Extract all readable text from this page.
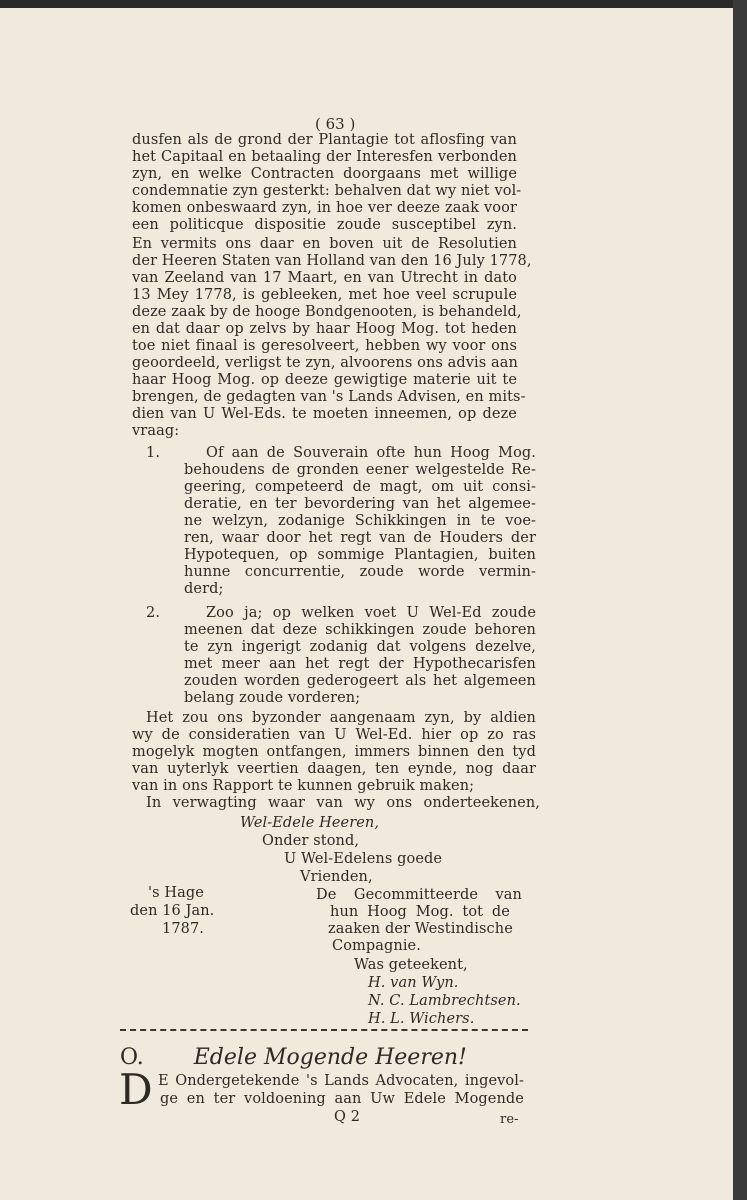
( 63 )
dusfen als de grond der Plantagie tot aflosfing van
het Capitaal en betaaling der Interesfen verbonden
zyn, en welke Contracten doorgaans met willige
condemnatie zyn gesterkt: behalven dat wy niet vol-
komen onbeswaard zyn, in hoe ver deeze zaak voor
een politicque dispositie zoude susceptibel zyn.
En vermits ons daar en boven uit de Resolutien
der Heeren Staten van Holland van den 16 July 1778,
van Zeeland van 17 Maart, en van Utrecht in dato
13 Mey 1778, is gebleeken, met hoe veel scrupule
deze zaak by de hooge Bondgenooten, is behandeld,
en dat daar op zelvs by haar Hoog Mog. tot heden
toe niet finaal is geresolveert, hebben wy voor ons
geoordeeld, verligst te zyn, alvoorens ons advis aan
haar Hoog Mog. op deeze gewigtige materie uit te
brengen, de gedagten van 's Lands Advisen, en mits-
dien van U Wel-Eds. te moeten inneemen, op deze
vraag:
1.	Of aan de Souverain ofte hun Hoog Mog.
behoudens de gronden eener welgestelde Re-
geering, competeerd de magt, om uit consi-
deratie, en ter bevordering van het algemee-
ne welzyn, zodanige Schikkingen in te voe-
ren, waar door het regt van de Houders der
Hypotequen, op sommige Plantagien, buiten
hunne concurrentie, zoude worde vermin-
derd;
2.	Zoo ja; op welken voet U Wel-Ed zoude
meenen dat deze schikkingen zoude behoren
te zyn ingerigt zodanig dat volgens dezelve,
met meer aan het regt der Hypothecarisfen
zouden worden gederogeert als het algemeen
belang zoude vorderen;
Het zou ons byzonder aangenaam zyn, by aldien
wy de consideratien van U Wel-Ed. hier op zo ras
mogelyk mogten ontfangen, immers binnen den tyd
van uyterlyk veertien daagen, ten eynde, nog daar
van in ons Rapport te kunnen gebruik maken;
In verwagting waar van wy ons onderteekenen,
Wel-Edele Heeren,
Onder stond,
U Wel-Edelens goede
Vrienden,
's Hage
den 16 Jan.
1787.
De Gecommitteerde van
hun Hoog Mog. tot de
zaaken der Westindische
Compagnie.
Was geteekent,
H. van Wyn.
N. C. Lambrechtsen.
H. L. Wichers.
O. Edele Mogende Heeren!
D E Ondergetekende 's Lands Advocaten, ingevol-
ge en ter voldoening aan Uw Edele Mogende
Q 2	re-
